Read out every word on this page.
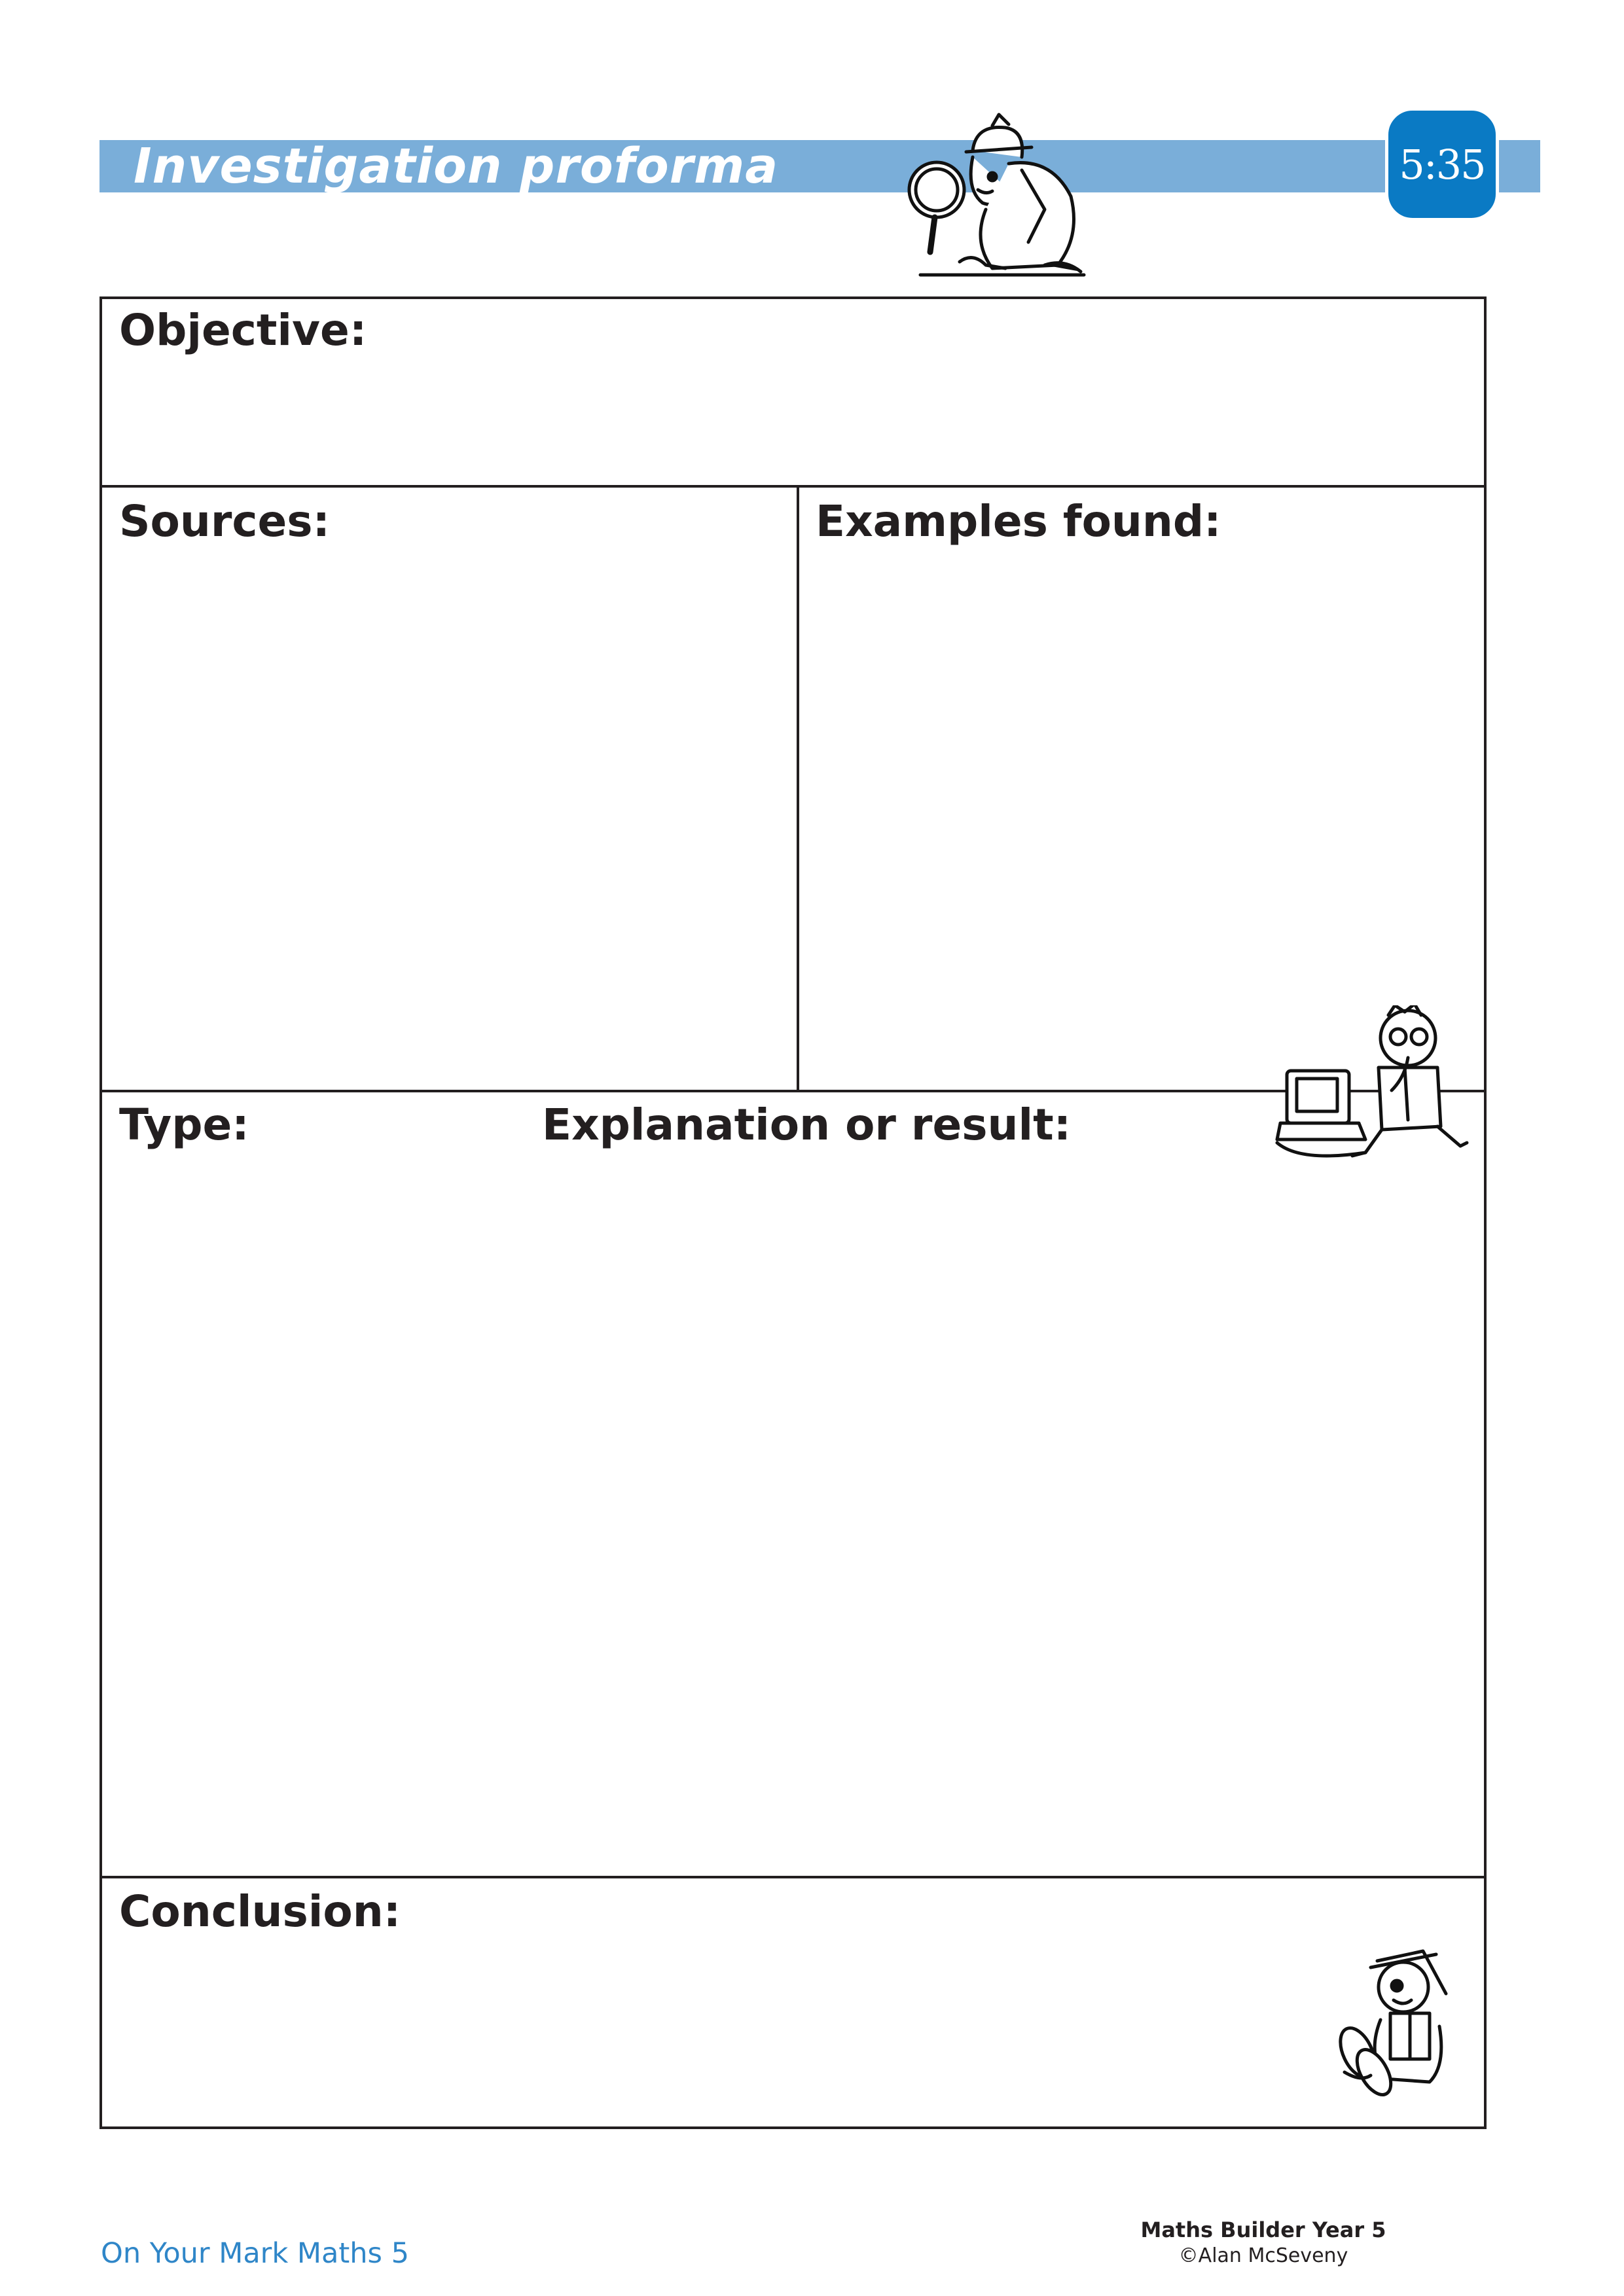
Investigation proforma	5:35
Objective:
Sources:	Examples found:
Type:	Explanation or result:
Conclusion:
On Your Mark Maths 5
Maths Builder Year 5
©Alan McSeveny
